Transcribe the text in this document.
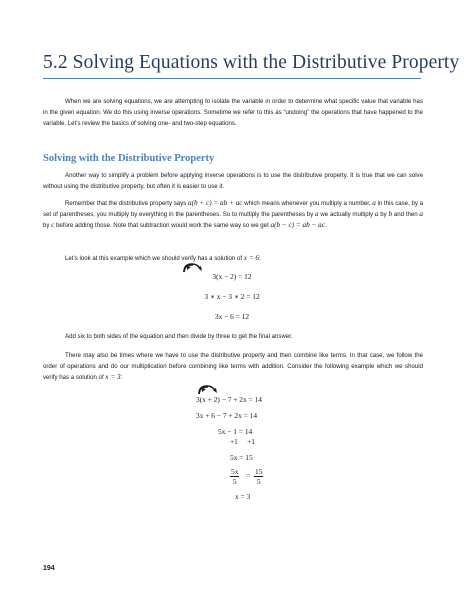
5.2 Solving Equations with the Distributive Property

When we are solving equations, we are attempting to isolate the variable in order to determine what specific value that variable has in the given equation. We do this using inverse operations. Sometime we refer to this as “undoing” the operations that have happened to the variable. Let’s review the basics of solving one- and two-step equations.

Solving with the Distributive Property

Another way to simplify a problem before applying inverse operations is to use the distributive property. It is true that we can solve without using the distributive property, but often it is easier to use it.

Remember that the distributive property says a(b + c) = ab + ac which means whenever you multiply a number, a in this case, by a set of parentheses, you multiply by everything in the parentheses. So to multiply the parentheses by a we actually multiply a by b and then a by c before adding those. Note that subtraction would work the same way so we get a(b − c) = ab − ac.

Let’s look at this example which we should verify has a solution of x = 6:

3(x − 2) = 12
3 ∗ x − 3 ∗ 2 = 12
3x − 6 = 12

Add six to both sides of the equation and then divide by three to get the final answer.

There may also be times where we have to use the distributive property and then combine like terms. In that case, we follow the order of operations and do our multiplication before combining like terms with addition. Consider the following example which we should verify has a solution of x = 3:

3(x + 2) − 7 + 2x = 14
3x + 6 − 7 + 2x = 14
5x − 1 = 14
+1     +1
5x = 15
$\frac{5x}{5} = \frac{15}{5}$
x = 3
194
